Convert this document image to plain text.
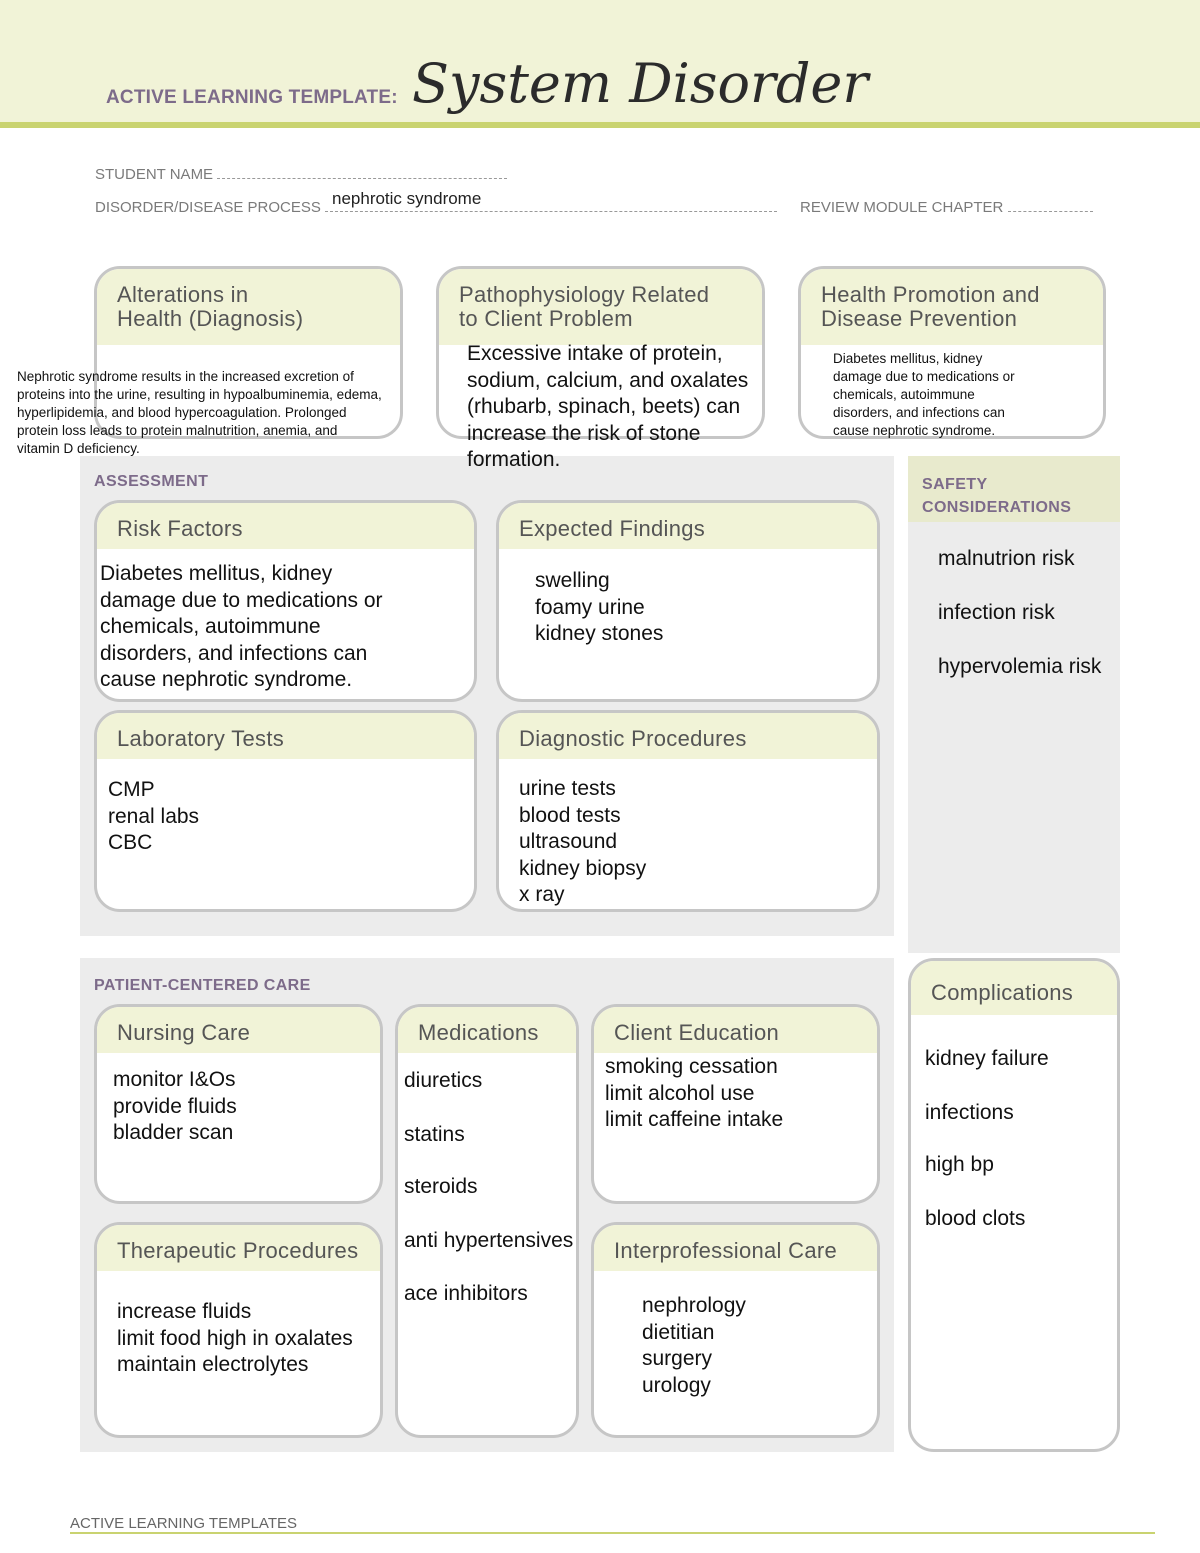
ACTIVE LEARNING TEMPLATE: System Disorder
STUDENT NAME
DISORDER/DISEASE PROCESS nephrotic syndrome	REVIEW MODULE CHAPTER
Alterations in
Health (Diagnosis)
Pathophysiology Related
to Client Problem
Health Promotion and
Disease Prevention
ASSESSMENT
Risk Factors	Expected Findings
Laboratory Tests	Diagnostic Procedures
SAFETY
CONSIDERATIONS
malnutrion risk
infection risk
hypervolemia risk
PATIENT-CENTERED CARE
Nursing Care	Medications	Client Education
Therapeutic Procedures	Interprofessional Care
Complications
kidney failure
infections
high bp
blood clots
Nephrotic syndrome results in the increased excretion of
proteins into the urine, resulting in hypoalbuminemia, edema,
hyperlipidemia, and blood hypercoagulation. Prolonged
protein loss leads to protein malnutrition, anemia, and
vitamin D deficiency.
Excessive intake of protein,
sodium, calcium, and oxalates
(rhubarb, spinach, beets) can
increase the risk of stone
formation.
Diabetes mellitus, kidney
damage due to medications or
chemicals, autoimmune
disorders, and infections can
cause nephrotic syndrome.
Diabetes mellitus, kidney
damage due to medications or
chemicals, autoimmune
disorders, and infections can
cause nephrotic syndrome.
swelling
foamy urine
kidney stones
CMP
renal labs
CBC
urine tests
blood tests
ultrasound
kidney biopsy
x ray
monitor I&Os
provide fluids
bladder scan
diuretics
statins
steroids
anti hypertensives
ace inhibitors
smoking cessation
limit alcohol use
limit caffeine intake
increase fluids
limit food high in oxalates
maintain electrolytes
nephrology
dietitian
surgery
urology
ACTIVE LEARNING TEMPLATES
